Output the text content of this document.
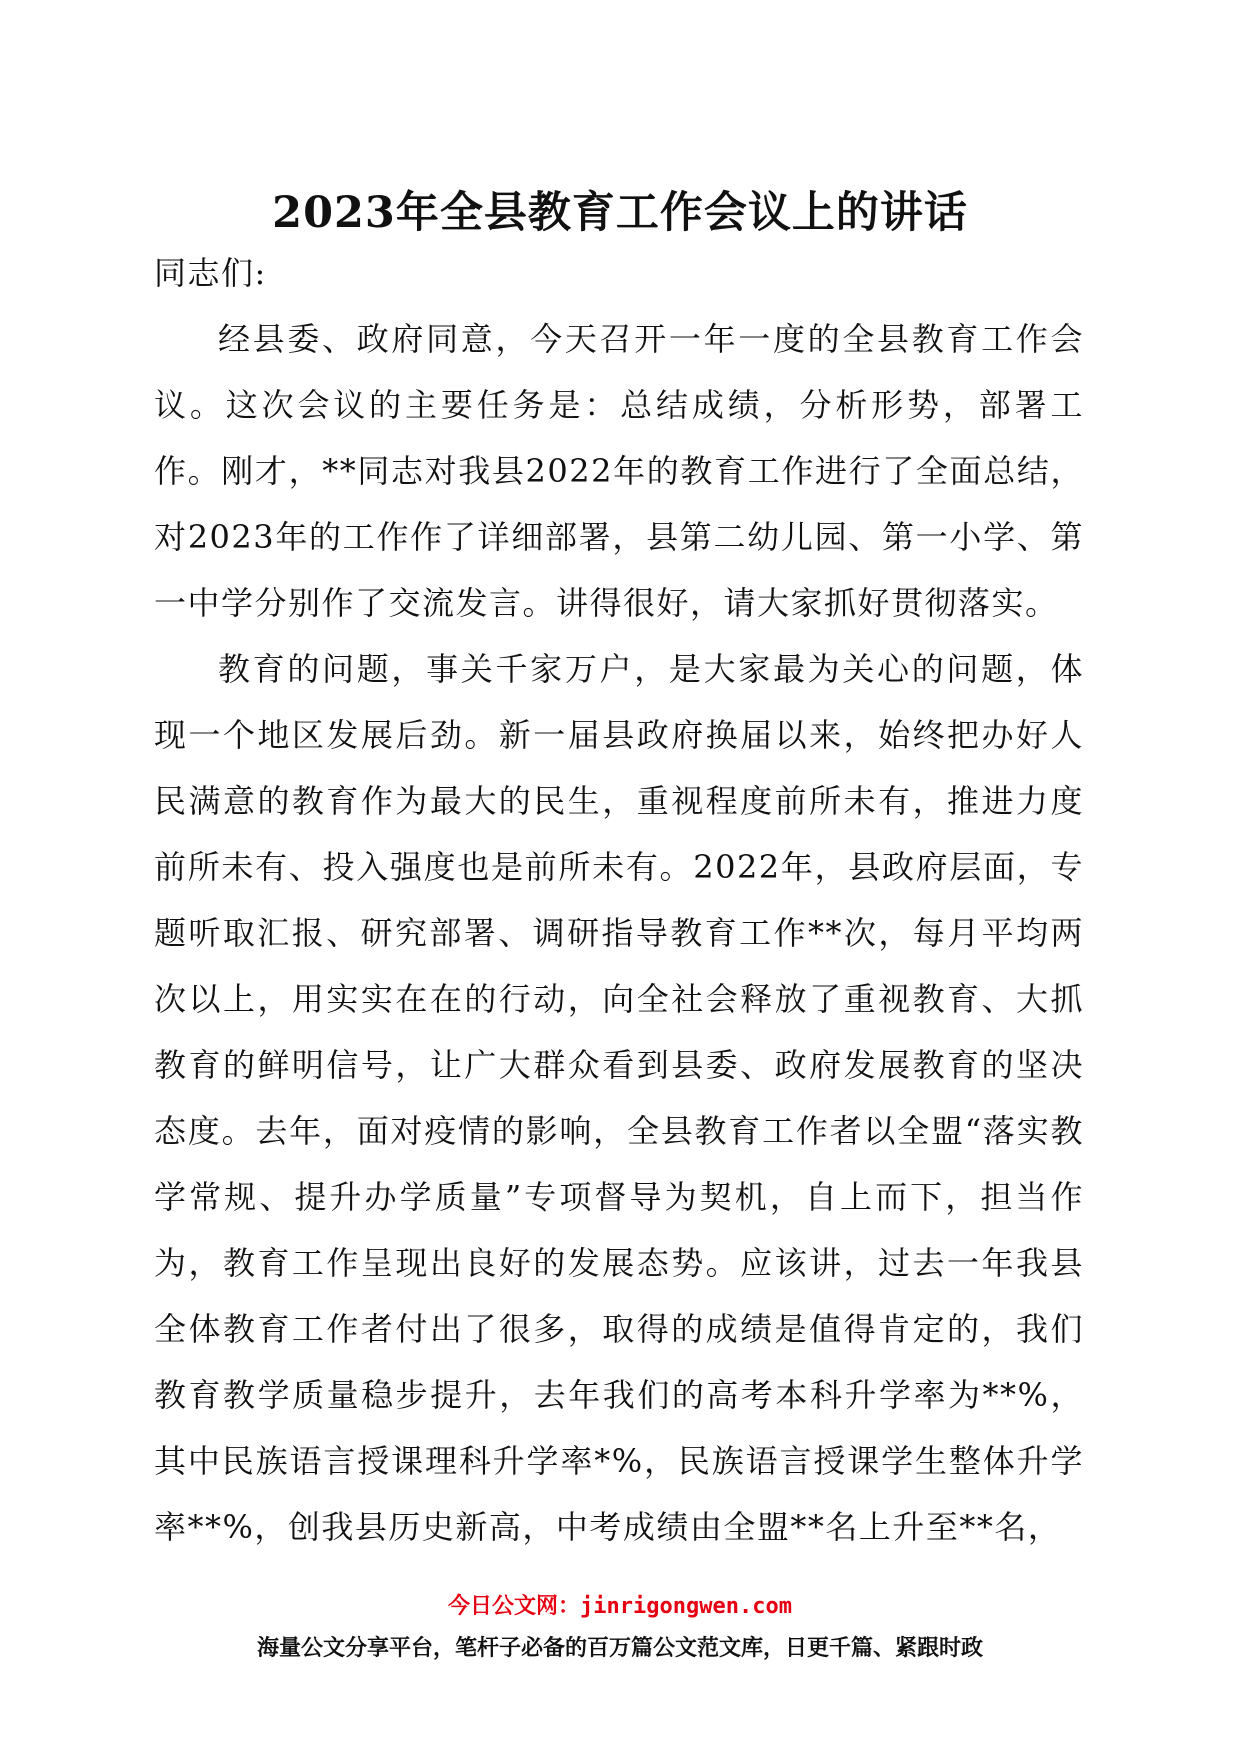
2023年全县教育工作会议上的讲话

同志们:

经县委、政府同意，今天召开一年一度的全县教育工作会议。这次会议的主要任务是：总结成绩，分析形势，部署工作。刚才，**同志对我县2022年的教育工作进行了全面总结，对2023年的工作作了详细部署，县第二幼儿园、第一小学、第一中学分别作了交流发言。讲得很好，请大家抓好贯彻落实。

教育的问题，事关千家万户，是大家最为关心的问题，体现一个地区发展后劲。新一届县政府换届以来，始终把办好人民满意的教育作为最大的民生，重视程度前所未有，推进力度前所未有、投入强度也是前所未有。2022年，县政府层面，专题听取汇报、研究部署、调研指导教育工作**次，每月平均两次以上，用实实在在的行动，向全社会释放了重视教育、大抓教育的鲜明信号，让广大群众看到县委、政府发展教育的坚决态度。去年，面对疫情的影响，全县教育工作者以全盟“落实教学常规、提升办学质量”专项督导为契机，自上而下，担当作为，教育工作呈现出良好的发展态势。应该讲，过去一年我县全体教育工作者付出了很多，取得的成绩是值得肯定的，我们教育教学质量稳步提升，去年我们的高考本科升学率为**%，其中民族语言授课理科升学率*%，民族语言授课学生整体升学率**%，创我县历史新高，中考成绩由全盟**名上升至**名，

今日公文网：jinrigongwen.com
海量公文分享平台，笔杆子必备的百万篇公文范文库，日更千篇、紧跟时政
